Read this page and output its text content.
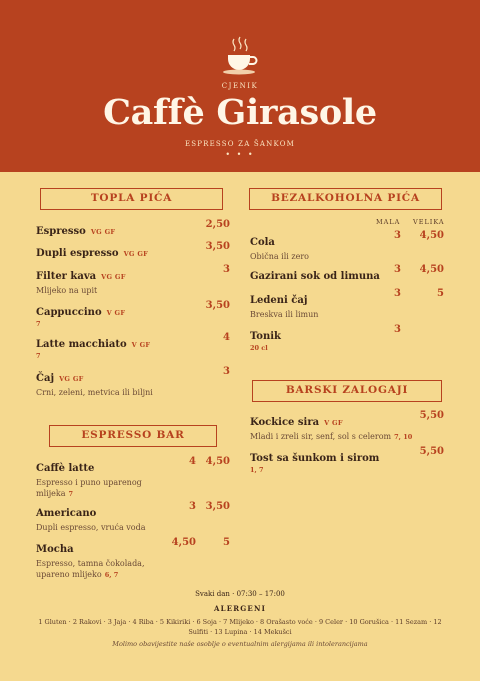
CJENIK
Caffè Girasole
ESPRESSO ZA ŠANKOM
• • •
TOPLA PIĆA
Espresso VG GF
2,50
Dupli espresso VG GF
3,50
Filter kava VG GF
3
Mlijeko na upit
Cappuccino V GF
3,50
7
Latte macchiato V GF
4
7
Čaj VG GF
3
Crni, zeleni, metvica ili biljni
ESPRESSO BAR
Caffè latte
4 4,50
Espresso i puno uparenog mlijeka 7
Americano
3 3,50
Dupli espresso, vruća voda
Mocha
4,50	5
Espresso, tamna čokolada, upareno mlijeko 6, 7
BEZALKOHOLNA PIĆA
MALA VELIKA
Cola
3 4,50
Obična ili zero
Gazirani sok od limuna
3 4,50
Ledeni čaj
3	5
Breskva ili limun
Tonik
3
20 cl
BARSKI ZALOGAJI
Kockice sira V GF
5,50
Mladi i zreli sir, senf, sol s celerom 7, 10
Tost sa šunkom i sirom
5,50
1, 7
Svaki dan · 07:30 – 17:00
ALERGENI
1 Gluten · 2 Rakovi · 3 Jaja · 4 Riba · 5 Kikiriki · 6 Soja · 7 Mlijeko · 8 Orašasto voće · 9 Celer · 10 Gorušica · 11 Sezam · 12 Sulfiti · 13 Lupina · 14 Mekušci
Molimo obavijestite naše osoblje o eventualnim alergijama ili intolerancijama
